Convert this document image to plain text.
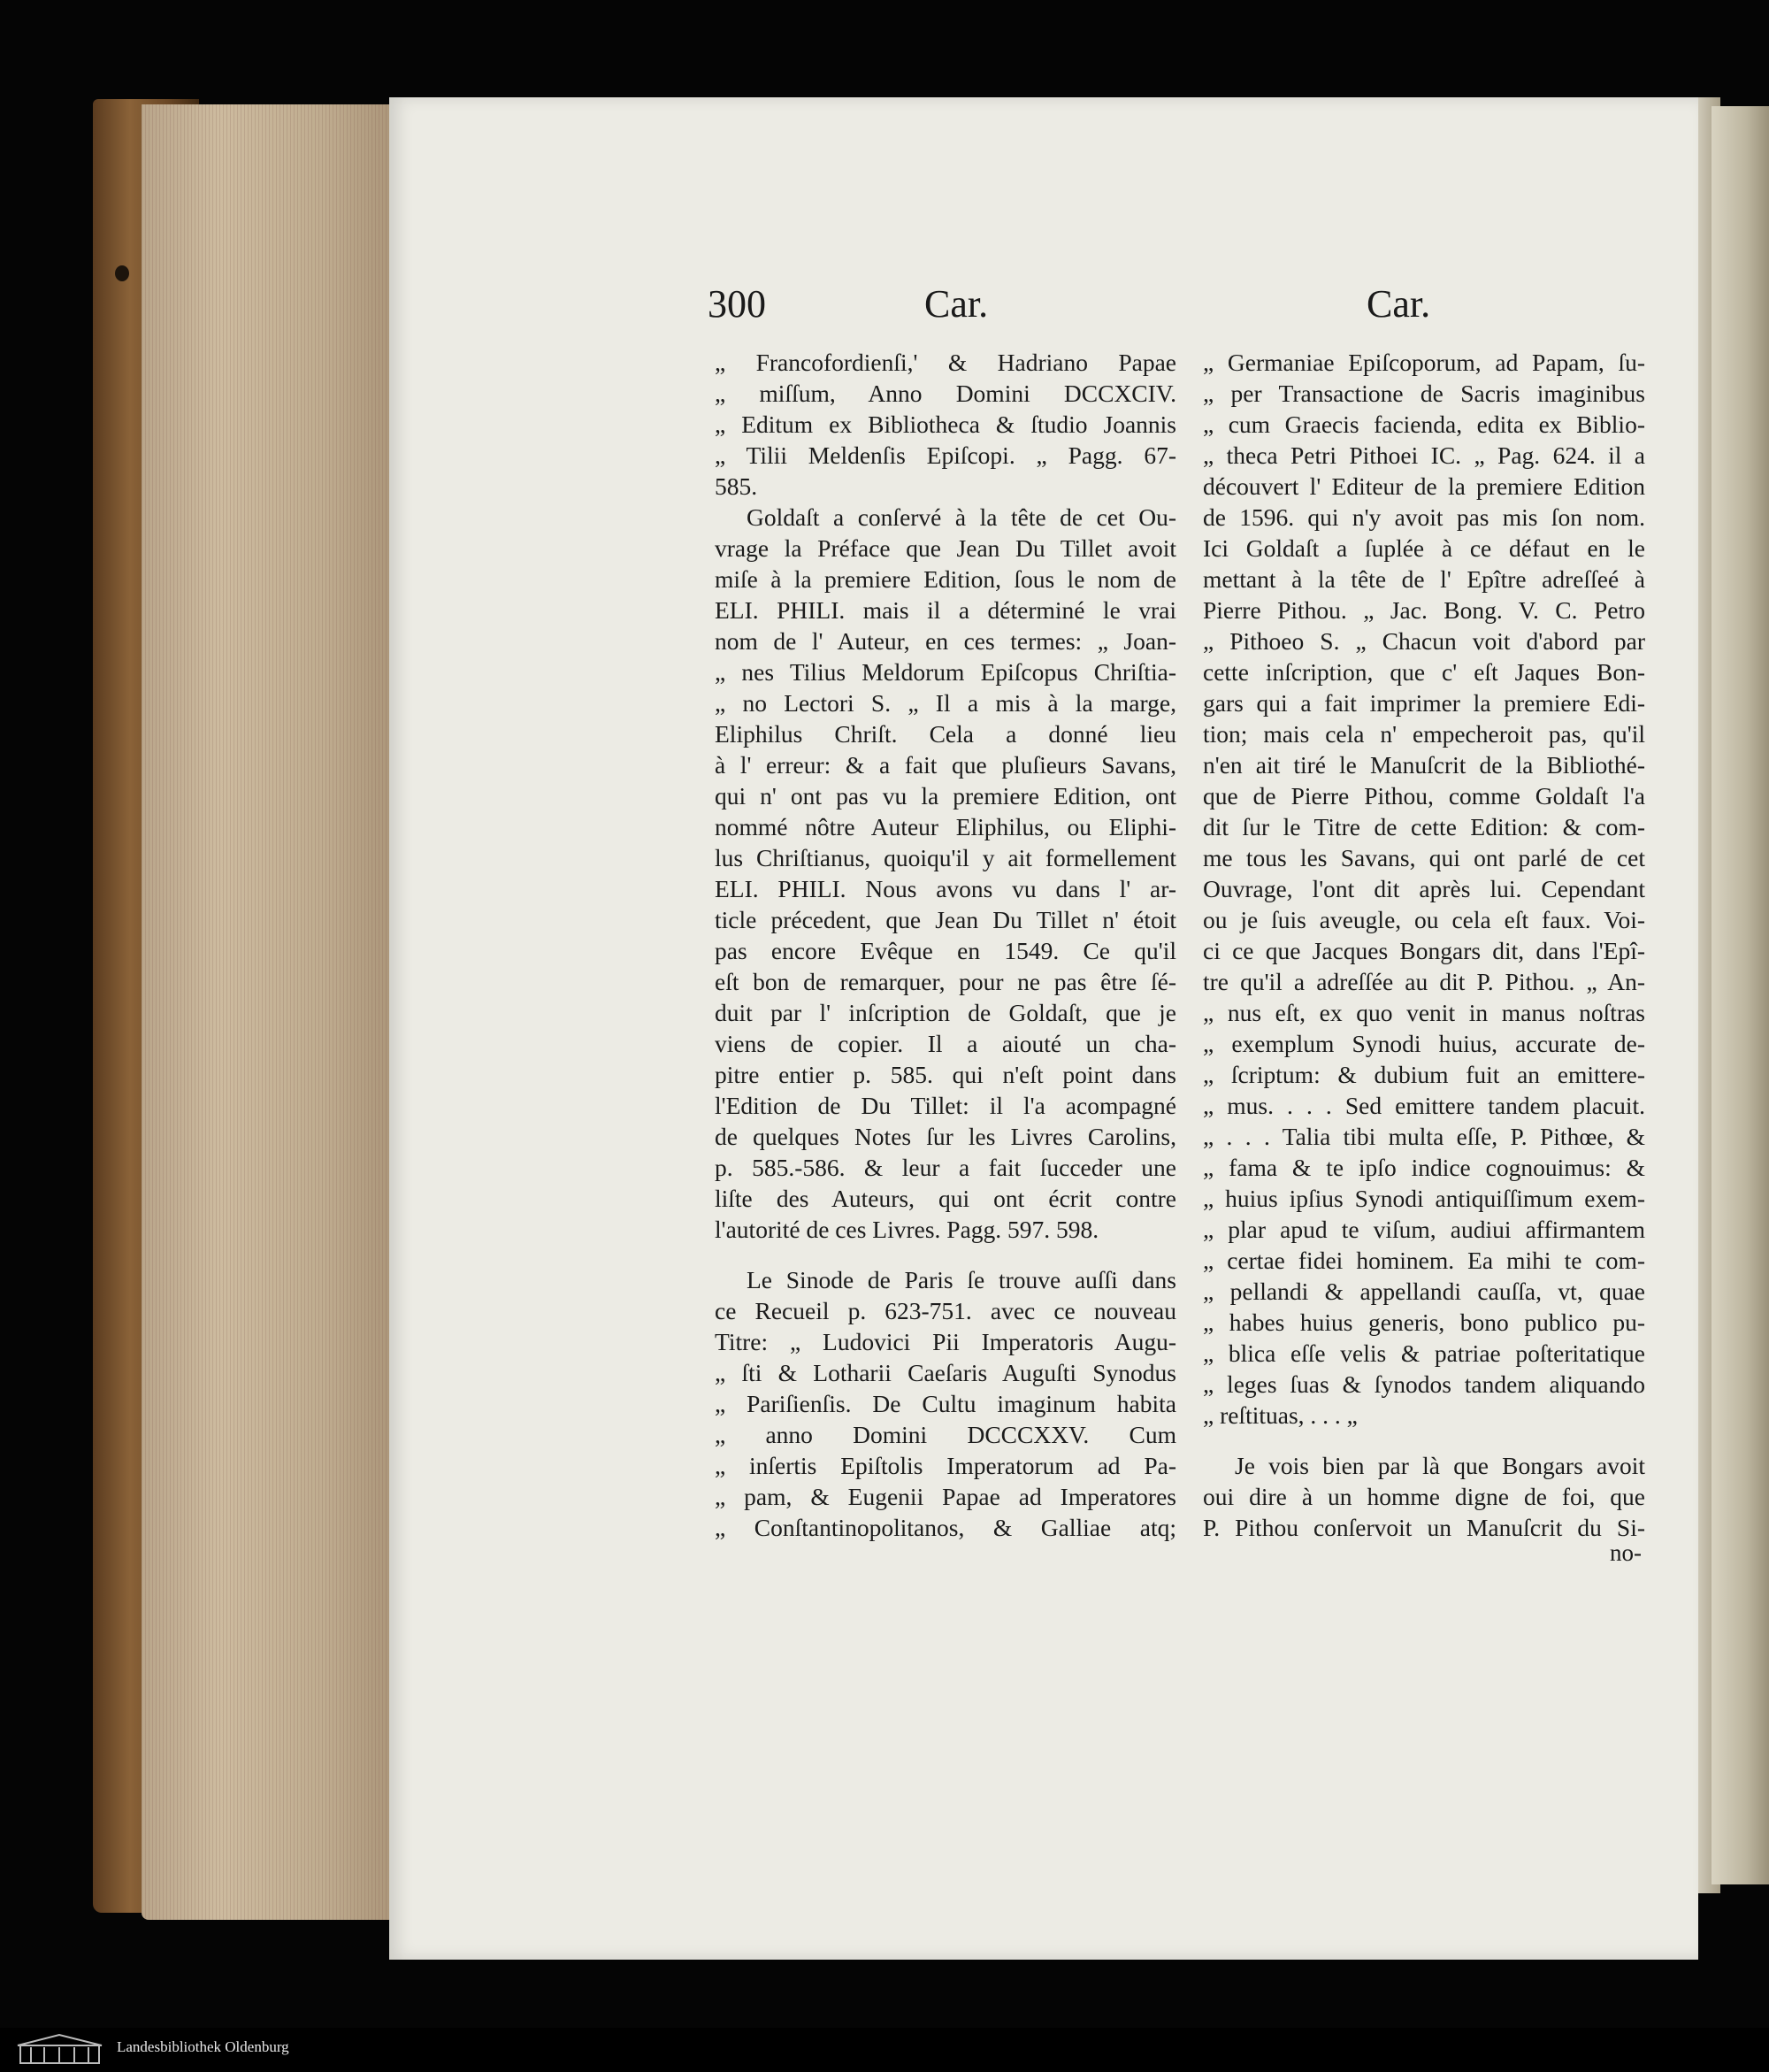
300	Car.	Car.

„ Francofordienſi,' & Hadriano Papae

„ miſſum, Anno Domini DCCXCIV.

„ Editum ex Bibliotheca & ſtudio Joannis

„ Tilii Meldenſis Epiſcopi. „ Pagg. 67-

585.

Goldaſt a conſervé à la tête de cet Ou-

vrage la Préface que Jean Du Tillet avoit

miſe à la premiere Edition, ſous le nom de

ELI. PHILI. mais il a déterminé le vrai

nom de l' Auteur, en ces termes: „ Joan-

„ nes Tilius Meldorum Epiſcopus Chriſtia-

„ no Lectori S. „ Il a mis à la marge,

Eliphilus Chriſt. Cela a donné lieu

à l' erreur: & a fait que pluſieurs Savans,

qui n' ont pas vu la premiere Edition, ont

nommé nôtre Auteur Eliphilus, ou Eliphi-

lus Chriſtianus, quoiqu'il y ait formellement

ELI. PHILI. Nous avons vu dans l' ar-

ticle précedent, que Jean Du Tillet n' étoit

pas encore Evêque en 1549. Ce qu'il

eſt bon de remarquer, pour ne pas être ſé-

duit par l' inſcription de Goldaſt, que je

viens de copier. Il a aiouté un cha-

pitre entier p. 585. qui n'eſt point dans

l'Edition de Du Tillet: il l'a acompagné

de quelques Notes ſur les Livres Carolins,

p. 585.-586. & leur a fait ſucceder une

liſte des Auteurs, qui ont écrit contre

l'autorité de ces Livres. Pagg. 597. 598.

Le Sinode de Paris ſe trouve auſſi dans

ce Recueil p. 623-751. avec ce nouveau

Titre: „ Ludovici Pii Imperatoris Augu-

„ ſti & Lotharii Caeſaris Auguſti Synodus

„ Pariſienſis. De Cultu imaginum habita

„ anno Domini DCCCXXV. Cum

„ inſertis Epiſtolis Imperatorum ad Pa-

„ pam, & Eugenii Papae ad Imperatores

„ Conſtantinopolitanos, & Galliae atq;

„ Germaniae Epiſcoporum, ad Papam, ſu-

„ per Transactione de Sacris imaginibus

„ cum Graecis facienda, edita ex Biblio-

„ theca Petri Pithoei IC. „ Pag. 624. il a

découvert l' Editeur de la premiere Edition

de 1596. qui n'y avoit pas mis ſon nom.

Ici Goldaſt a ſuplée à ce défaut en le

mettant à la tête de l' Epître adreſſeé à

Pierre Pithou. „ Jac. Bong. V. C. Petro

„ Pithoeo S. „ Chacun voit d'abord par

cette inſcription, que c' eſt Jaques Bon-

gars qui a fait imprimer la premiere Edi-

tion; mais cela n' empecheroit pas, qu'il

n'en ait tiré le Manuſcrit de la Bibliothé-

que de Pierre Pithou, comme Goldaſt l'a

dit ſur le Titre de cette Edition: & com-

me tous les Savans, qui ont parlé de cet

Ouvrage, l'ont dit après lui. Cependant

ou je ſuis aveugle, ou cela eſt faux. Voi-

ci ce que Jacques Bongars dit, dans l'Epî-

tre qu'il a adreſſée au dit P. Pithou. „ An-

„ nus eſt, ex quo venit in manus noſtras

„ exemplum Synodi huius, accurate de-

„ ſcriptum: & dubium fuit an emittere-

„ mus. . . . Sed emittere tandem placuit.

„ . . . Talia tibi multa eſſe, P. Pithœe, &

„ fama & te ipſo indice cognouimus: &

„ huius ipſius Synodi antiquiſſimum exem-

„ plar apud te viſum, audiui affirmantem

„ certae fidei hominem. Ea mihi te com-

„ pellandi & appellandi cauſſa, vt, quae

„ habes huius generis, bono publico pu-

„ blica eſſe velis & patriae poſteritatique

„ leges ſuas & ſynodos tandem aliquando

„ reſtituas, . . . „

Je vois bien par là que Bongars avoit

oui dire à un homme digne de foi, que

P. Pithou conſervoit un Manuſcrit du Si-

no-
Landesbibliothek Oldenburg
